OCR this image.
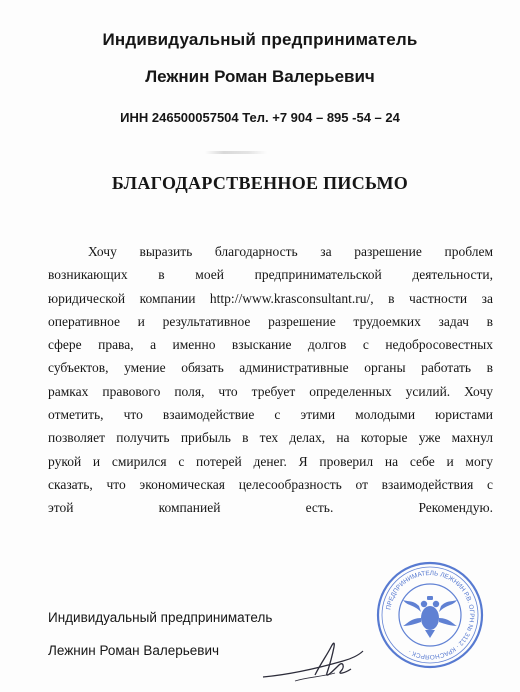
Индивидуальный предприниматель
Лежнин Роман Валерьевич
ИНН 246500057504 Тел. +7 904 – 895 -54 – 24
БЛАГОДАРСТВЕННОЕ ПИСЬМО
Хочу выразить благодарность за разрешение проблем
возникающих в моей предпринимательской деятельности,
юридической компании http://www.krasconsultant.ru/, в частности за
оперативное и результативное разрешение трудоемких задач в
сфере права, а именно взыскание долгов с недобросовестных
субъектов, умение обязать административные органы работать в
рамках правового поля, что требует определенных усилий. Хочу
отметить, что взаимодействие с этими молодыми юристами
позволяет получить прибыль в тех делах, на которые уже махнул
рукой и смирился с потерей денег. Я проверил на себе и могу
сказать, что экономическая целесообразность от взаимодействия с
этой компанией есть. Рекомендую.
Индивидуальный предприниматель
Лежнин Роман Валерьевич
ПРЕДПРИНИМАТЕЛЬ ЛЕЖНИН Р.В. ОГРН № 3112 · КРАСНОЯРСК ·
